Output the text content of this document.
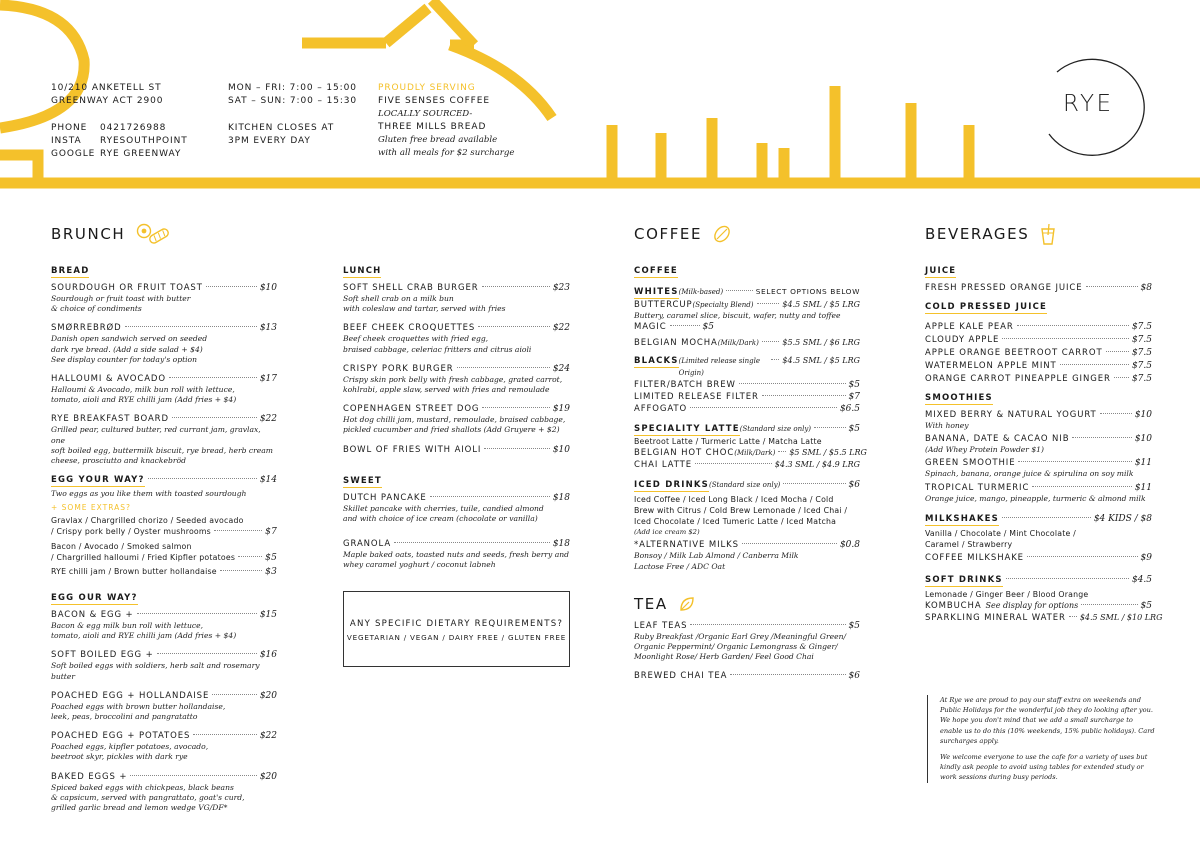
10/210 ANKETELL ST
GREENWAY ACT 2900
PHONE 0421726988
INSTA	RYESOUTHPOINT
GOOGLE RYE GREENWAY
MON – FRI: 7:00 – 15:00
SAT – SUN: 7:00 – 15:30
KITCHEN CLOSES AT
3PM EVERY DAY
PROUDLY SERVING
FIVE SENSES COFFEE
LOCALLY SOURCED-
THREE MILLS BREAD
Gluten free bread available
with all meals for $2 surcharge
RYE
BRUNCH
BREAD
SOURDOUGH OR FRUIT TOAST	$10
Sourdough or fruit toast with butter
& choice of condiments
SMØRREBRØD	$13
Danish open sandwich served on seeded
dark rye bread. (Add a side salad + $4)
See display counter for today's option
HALLOUMI & AVOCADO	$17
Halloumi & Avocado, milk bun roll with lettuce,
tomato, aioli and RYE chilli jam (Add fries + $4)
RYE BREAKFAST BOARD	$22
Grilled pear, cultured butter, red currant jam, gravlax, one
soft boiled egg, buttermilk biscuit, rye bread, herb cream
cheese, prosciutto and knackebröd
EGG YOUR WAY?	$14
Two eggs as you like them with toasted sourdough
+ SOME EXTRAS?
Gravlax / Chargrilled chorizo / Seeded avocado
/ Crispy pork belly / Oyster mushrooms	$7
Bacon / Avocado / Smoked salmon
/ Chargrilled halloumi / Fried Kipfler potatoes	$5
RYE chilli jam / Brown butter hollandaise	$3
EGG OUR WAY?
BACON & EGG +	$15
Bacon & egg milk bun roll with lettuce,
tomato, aioli and RYE chilli jam (Add fries + $4)
SOFT BOILED EGG +	$16
Soft boiled eggs with soldiers, herb salt and rosemary butter
POACHED EGG + HOLLANDAISE	$20
Poached eggs with brown butter hollandaise,
leek, peas, broccolini and pangratatto
POACHED EGG + POTATOES	$22
Poached eggs, kipfler potatoes, avocado,
beetroot skyr, pickles with dark rye
BAKED EGGS +	$20
Spiced baked eggs with chickpeas, black beans
& capsicum, served with pangrattato, goat's curd,
grilled garlic bread and lemon wedge VG/DF*
LUNCH
SOFT SHELL CRAB BURGER	$23
Soft shell crab on a milk bun
with coleslaw and tartar, served with fries
BEEF CHEEK CROQUETTES	$22
Beef cheek croquettes with fried egg,
braised cabbage, celeriac fritters and citrus aioli
CRISPY PORK BURGER	$24
Crispy skin pork belly with fresh cabbage, grated carrot,
kohlrabi, apple slaw, served with fries and remoulade
COPENHAGEN STREET DOG	$19
Hot dog chilli jam, mustard, remoulade, braised cabbage,
pickled cucumber and fried shallots (Add Gruyere + $2)
BOWL OF FRIES WITH AIOLI	$10
SWEET
DUTCH PANCAKE	$18
Skillet pancake with cherries, tuile, candied almond
and with choice of ice cream (chocolate or vanilla)
GRANOLA	$18
Maple baked oats, toasted nuts and seeds, fresh berry and
whey caramel yoghurt / coconut labneh
ANY SPECIFIC DIETARY REQUIREMENTS?
VEGETARIAN / VEGAN / DAIRY FREE / GLUTEN FREE
COFFEE
COFFEE
WHITES (Milk-based)	SELECT OPTIONS BELOW
BUTTERCUP (Specialty Blend)	$4.5 SML / $5 LRG
Buttery, caramel slice, biscuit, wafer, nutty and toffee
MAGIC	$5
BELGIAN MOCHA (Milk/Dark)	$5.5 SML / $6 LRG
BLACKS (Limited release single Origin)
$4.5 SML / $5 LRG
FILTER/BATCH BREW	$5
LIMITED RELEASE FILTER	$7
AFFOGATO	$6.5
SPECIALITY LATTE (Standard size only)	$5
Beetroot Latte / Turmeric Latte / Matcha Latte
BELGIAN HOT CHOC (Milk/Dark) $5 SML / $5.5 LRG
CHAI LATTE	$4.3 SML / $4.9 LRG
ICED DRINKS (Standard size only)	$6
Iced Coffee / Iced Long Black / Iced Mocha / Cold
Brew with Citrus / Cold Brew Lemonade / Iced Chai /
Iced Chocolate / Iced Tumeric Latte / Iced Matcha
(Add ice cream $2)
*ALTERNATIVE MILKS	$0.8
Bonsoy / Milk Lab Almond / Canberra Milk
Lactose Free / ADC Oat
TEA
LEAF TEAS	$5
Ruby Breakfast /Organic Earl Grey /Meaningful Green/
Organic Peppermint/ Organic Lemongrass & Ginger/
Moonlight Rose/ Herb Garden/ Feel Good Chai
BREWED CHAI TEA	$6
BEVERAGES
JUICE
FRESH PRESSED ORANGE JUICE	$8
COLD PRESSED JUICE
APPLE KALE PEAR	$7.5
CLOUDY APPLE	$7.5
APPLE ORANGE BEETROOT CARROT	$7.5
WATERMELON APPLE MINT	$7.5
ORANGE CARROT PINEAPPLE GINGER $7.5
SMOOTHIES
MIXED BERRY & NATURAL YOGURT	$10
With honey
BANANA, DATE & CACAO NIB	$10
(Add Whey Protein Powder $1)
GREEN SMOOTHIE	$11
Spinach, banana, orange juice & spirulina on soy milk
TROPICAL TURMERIC	$11
Orange juice, mango, pineapple, turmeric & almond milk
MILKSHAKES	$4 KIDS / $8
Vanilla / Chocolate / Mint Chocolate /
Caramel / Strawberry
COFFEE MILKSHAKE	$9
SOFT DRINKS	$4.5
Lemonade / Ginger Beer / Blood Orange
KOMBUCHA See display for options	$5
SPARKLING MINERAL WATER $4.5 SML / $10 LRG

At Rye we are proud to pay our staff extra on weekends and Public Holidays for the wonderful job they do looking after you. We hope you don't mind that we add a small surcharge to enable us to do this (10% weekends, 15% public holidays). Card surcharges apply.

We welcome everyone to use the cafe for a variety of uses but kindly ask people to avoid using tables for extended study or work sessions during busy periods.
